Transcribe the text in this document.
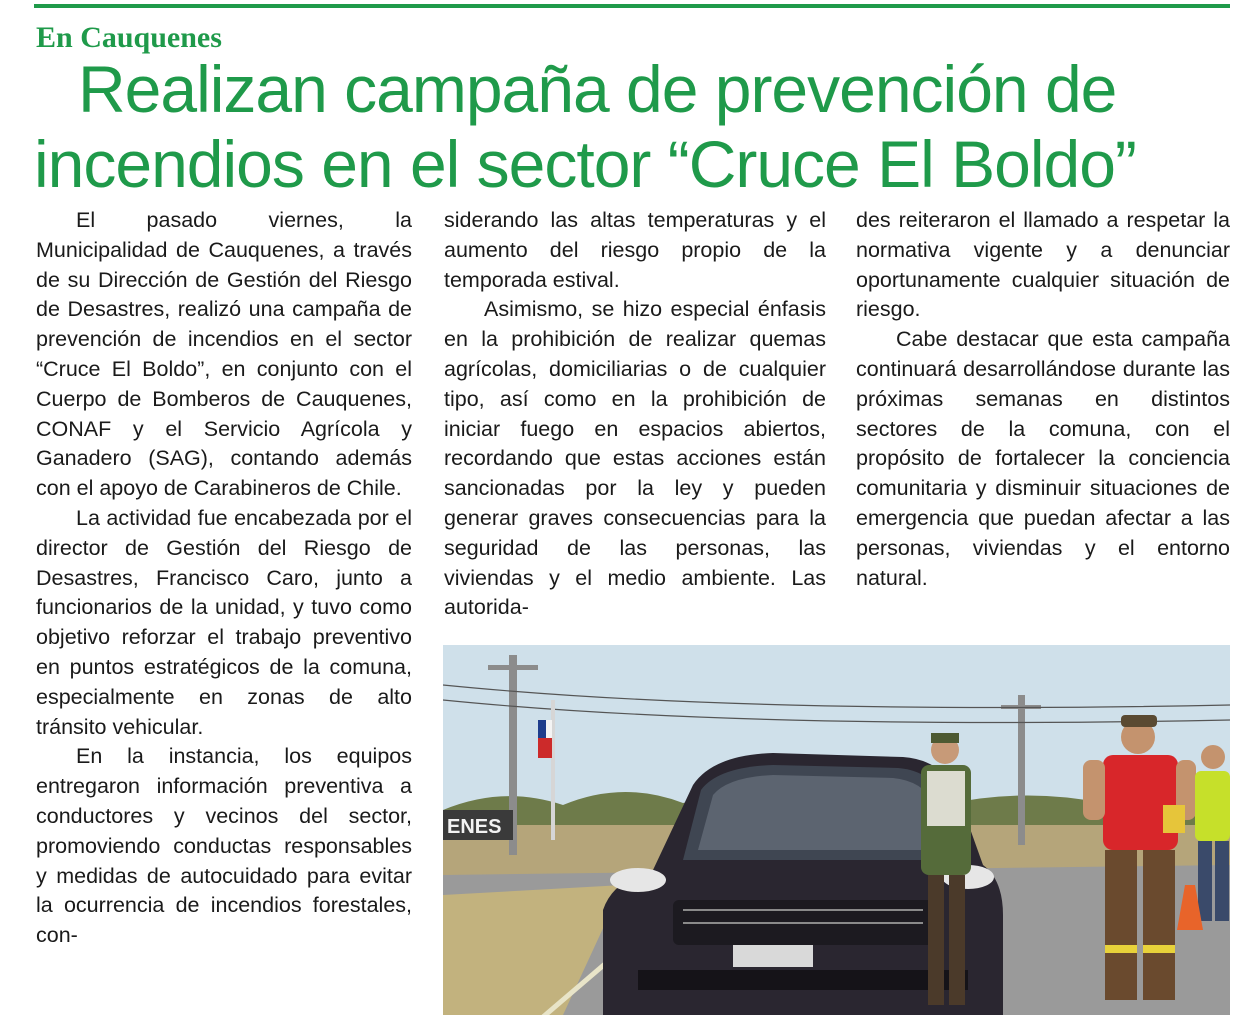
En Cauquenes
Realizan campaña de prevención de
incendios en el sector “Cruce El Boldo”

El pasado viernes, la Municipalidad de Cauquenes, a través de su Dirección de Gestión del Riesgo de Desastres, realizó una campaña de prevención de incendios en el sector “Cruce El Boldo”, en conjunto con el Cuerpo de Bomberos de Cauquenes, CONAF y el Servicio Agrícola y Ganadero (SAG), contando además con el apoyo de Carabineros de Chile.

La actividad fue encabezada por el director de Gestión del Riesgo de Desastres, Francisco Caro, junto a funcionarios de la unidad, y tuvo como objetivo reforzar el trabajo preventivo en puntos estratégicos de la comuna, especialmente en zonas de alto tránsito vehicular.

En la instancia, los equipos entregaron información preventiva a conductores y vecinos del sector, promoviendo conductas responsables y medidas de autocuidado para evitar la ocurrencia de incendios forestales, con-

siderando las altas temperaturas y el aumento del riesgo propio de la temporada estival.

Asimismo, se hizo especial énfasis en la prohibición de realizar quemas agrícolas, domiciliarias o de cualquier tipo, así como en la prohibición de iniciar fuego en espacios abiertos, recordando que estas acciones están sancionadas por la ley y pueden generar graves consecuencias para la seguridad de las personas, las viviendas y el medio ambiente. Las autorida-

des reiteraron el llamado a respetar la normativa vigente y a denunciar oportunamente cualquier situación de riesgo.

Cabe destacar que esta campaña continuará desarrollándose durante las próximas semanas en distintos sectores de la comuna, con el propósito de fortalecer la conciencia comunitaria y disminuir situaciones de emergencia que puedan afectar a las personas, viviendas y el entorno natural.

ENES
